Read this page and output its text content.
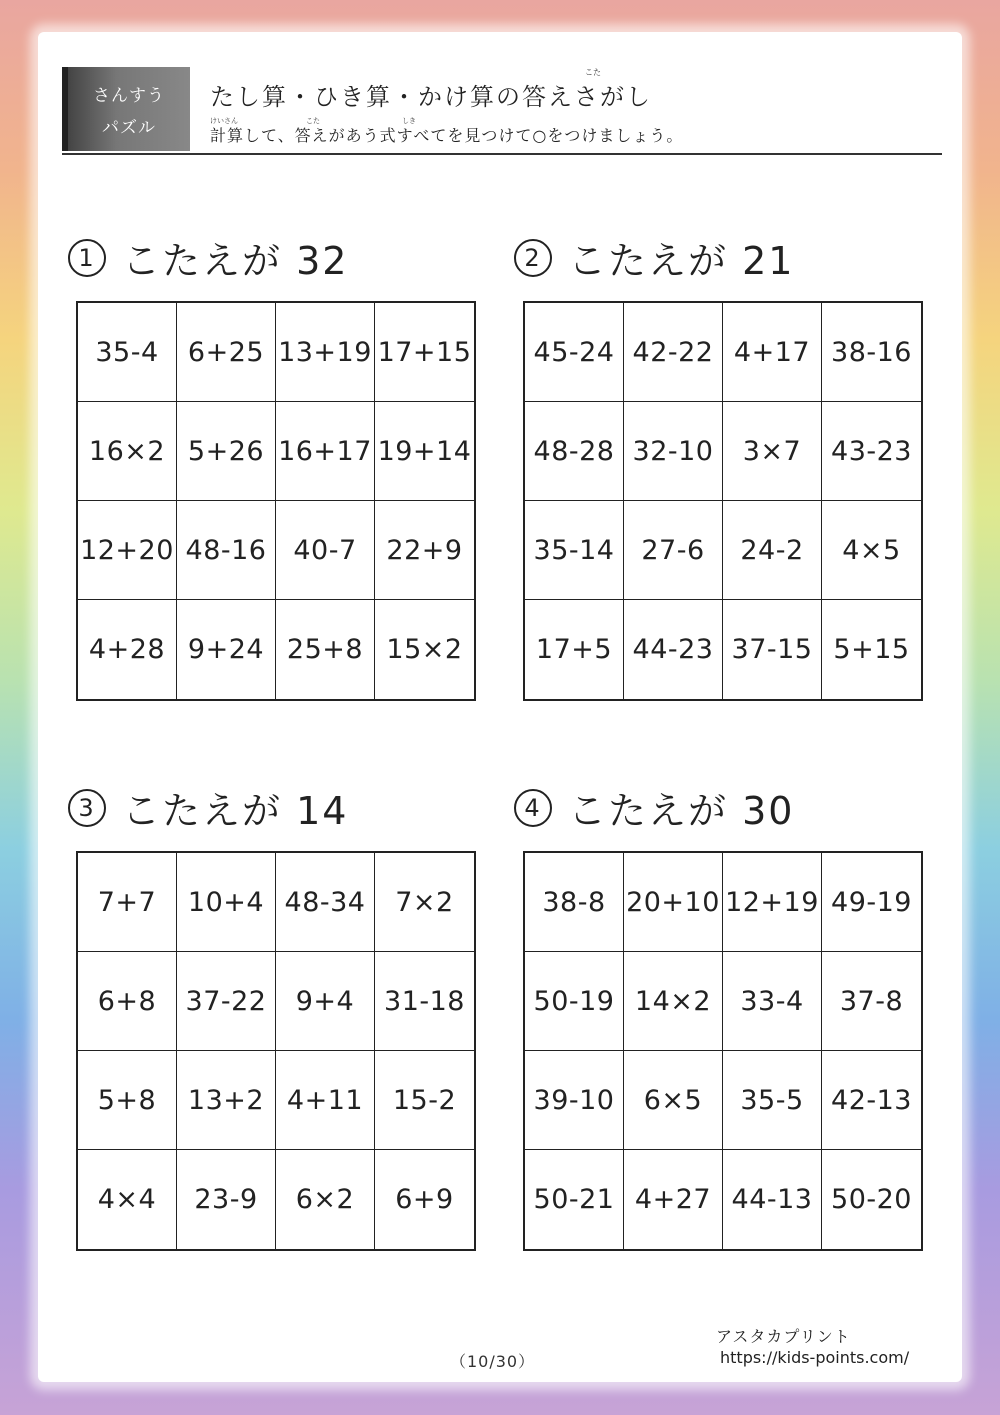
さんすう
パズル
こた
たし算・ひき算・かけ算の答えさがし
けいさん	こた	しき
計算して、答えがあう式すべてを見つけて○をつけましょう。
1 こたえが 32
35-4	6+25 13+19 17+15
16×2 5+26 16+17 19+14
12+20 48-16 40-7	22+9
4+28 9+24 25+8 15×2
2 こたえが 21
45-24 42-22 4+17 38-16
48-28 32-10	3×7	43-23
35-14 27-6	24-2	4×5
17+5 44-23 37-15 5+15
3 こたえが 14
7+7	10+4 48-34	7×2
6+8	37-22	9+4	31-18
5+8	13+2 4+11	15-2
4×4	23-9	6×2	6+9
4 こたえが 30
38-8 20+10 12+19 49-19
50-19 14×2	33-4	37-8
39-10	6×5	35-5	42-13
50-21 4+27 44-13 50-20
（10/30）
アスタカプリント
https://kids-points.com/
